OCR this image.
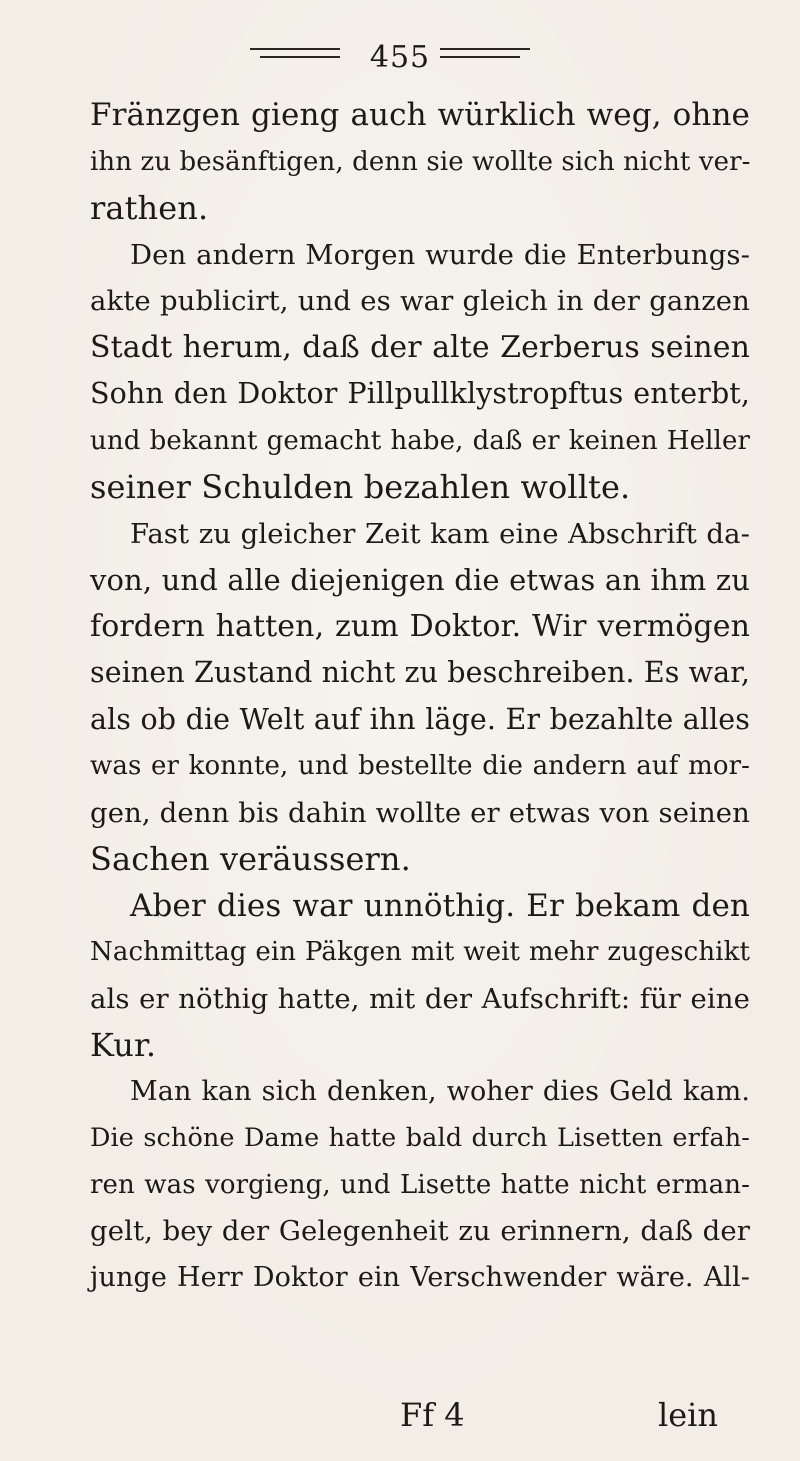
455
Fränzgen gieng auch würklich weg, ohne
ihn zu besänftigen, denn sie wollte sich nicht ver-
rathen.
Den andern Morgen wurde die Enterbungs-
akte publicirt, und es war gleich in der ganzen
Stadt herum, daß der alte Zerberus seinen
Sohn den Doktor Pillpullklystropftus enterbt,
und bekannt gemacht habe, daß er keinen Heller
seiner Schulden bezahlen wollte.
Fast zu gleicher Zeit kam eine Abschrift da-
von, und alle diejenigen die etwas an ihm zu
fordern hatten, zum Doktor. Wir vermögen
seinen Zustand nicht zu beschreiben. Es war,
als ob die Welt auf ihn läge. Er bezahlte alles
was er konnte, und bestellte die andern auf mor-
gen, denn bis dahin wollte er etwas von seinen
Sachen veräussern.
Aber dies war unnöthig. Er bekam den
Nachmittag ein Päkgen mit weit mehr zugeschikt
als er nöthig hatte, mit der Aufschrift: für eine
Kur.
Man kan sich denken, woher dies Geld kam.
Die schöne Dame hatte bald durch Lisetten erfah-
ren was vorgieng, und Lisette hatte nicht erman-
gelt, bey der Gelegenheit zu erinnern, daß der
junge Herr Doktor ein Verschwender wäre. All-
Ff 4	lein
